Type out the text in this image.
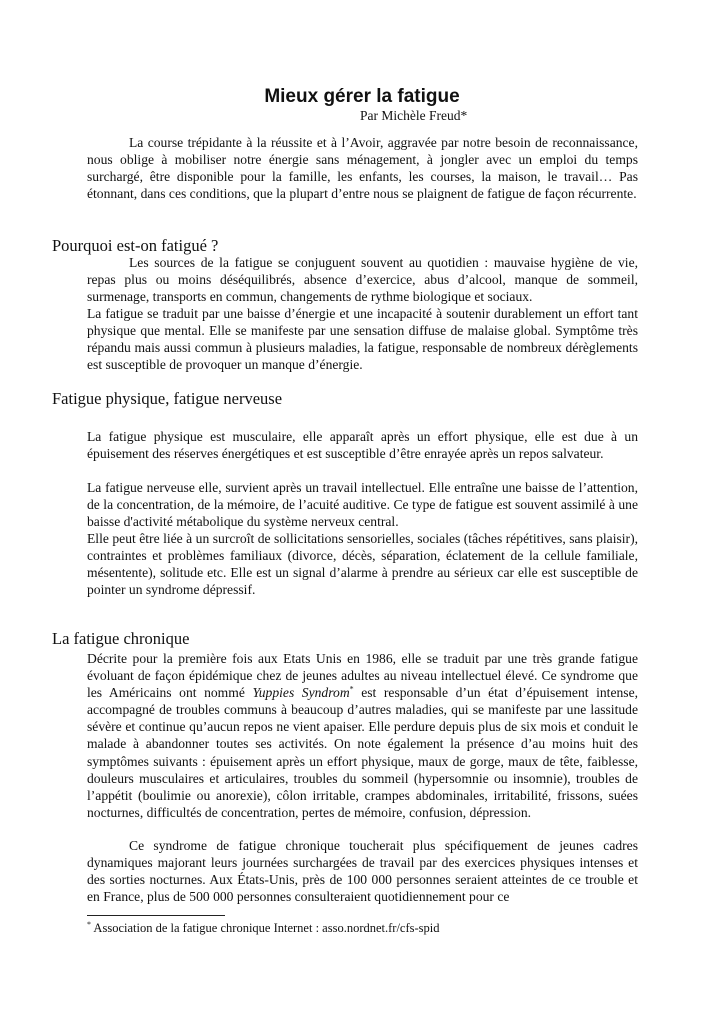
Mieux gérer la fatigue
Par Michèle Freud*

La course trépidante à la réussite et à l’Avoir, aggravée par notre besoin de reconnaissance, nous oblige à mobiliser notre énergie sans ménagement, à jongler avec un emploi du temps surchargé, être disponible pour la famille, les enfants, les courses, la maison, le travail… Pas étonnant, dans ces conditions, que la plupart d’entre nous se plaignent de fatigue de façon récurrente.

Pourquoi est-on fatigué ?

Les sources de la fatigue se conjuguent souvent au quotidien : mauvaise hygiène de vie, repas plus ou moins déséquilibrés, absence d’exercice, abus d’alcool, manque de sommeil, surmenage, transports en commun, changements de rythme biologique et sociaux.

La fatigue se traduit par une baisse d’énergie et une incapacité à soutenir durablement un effort tant physique que mental. Elle se manifeste par une sensation diffuse de malaise global. Symptôme très répandu mais aussi commun à plusieurs maladies, la fatigue, responsable de nombreux dérèglements est susceptible de provoquer un manque d’énergie.

Fatigue physique, fatigue nerveuse

La fatigue physique est musculaire, elle apparaît après un effort physique, elle est due à un épuisement des réserves énergétiques et est susceptible d’être enrayée après un repos salvateur.

La fatigue nerveuse elle, survient après un travail intellectuel. Elle entraîne une baisse de l’attention, de la concentration, de la mémoire, de l’acuité auditive. Ce type de fatigue est souvent assimilé à une baisse d'activité métabolique du système nerveux central.

Elle peut être liée à un surcroît de sollicitations sensorielles, sociales (tâches répétitives, sans plaisir), contraintes et problèmes familiaux (divorce, décès, séparation, éclatement de la cellule familiale, mésentente), solitude etc. Elle est un signal d’alarme à prendre au sérieux car elle est susceptible de pointer un syndrome dépressif.

La fatigue chronique

Décrite pour la première fois aux Etats Unis en 1986, elle se traduit par une très grande fatigue évoluant de façon épidémique chez de jeunes adultes au niveau intellectuel élevé. Ce syndrome que les Américains ont nommé Yuppies Syndrom* est responsable d’un état d’épuisement intense, accompagné de troubles communs à beaucoup d’autres maladies, qui se manifeste par une lassitude sévère et continue qu’aucun repos ne vient apaiser. Elle perdure depuis plus de six mois et conduit le malade à abandonner toutes ses activités. On note également la présence d’au moins huit des symptômes suivants : épuisement après un effort physique, maux de gorge, maux de tête, faiblesse, douleurs musculaires et articulaires, troubles du sommeil (hypersomnie ou insomnie), troubles de l’appétit (boulimie ou anorexie), côlon irritable, crampes abdominales, irritabilité, frissons, suées nocturnes, difficultés de concentration, pertes de mémoire, confusion, dépression.

Ce syndrome de fatigue chronique toucherait plus spécifiquement de jeunes cadres dynamiques majorant leurs journées surchargées de travail par des exercices physiques intenses et des sorties nocturnes. Aux États-Unis, près de 100 000 personnes seraient atteintes de ce trouble et en France, plus de 500 000 personnes consulteraient quotidiennement pour ce

* Association de la fatigue chronique Internet : asso.nordnet.fr/cfs-spid
